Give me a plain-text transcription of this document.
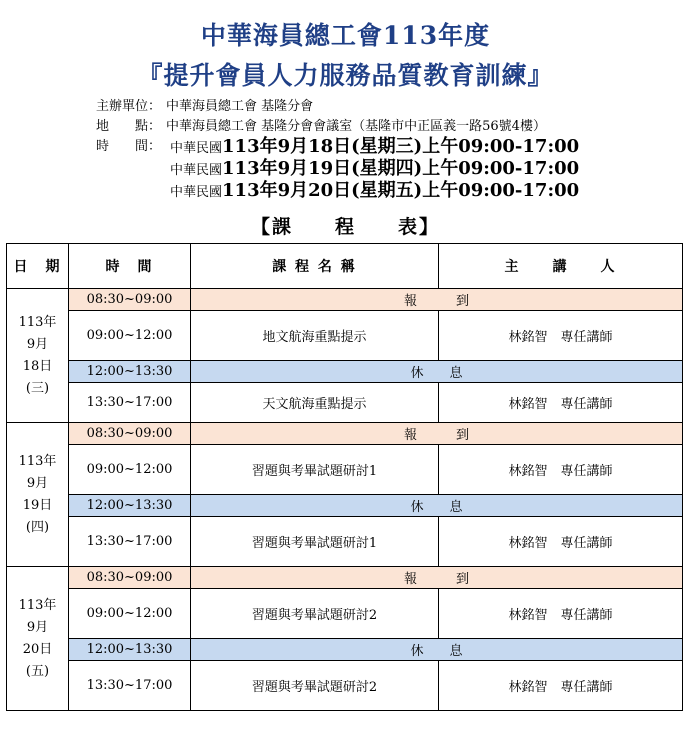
中華海員總工會113年度
『提升會員人力服務品質教育訓練』
主辦單位： 中華海員總工會 基隆分會
地　　點： 中華海員總工會 基隆分會會議室（基隆市中正區義一路56號4樓）
時　　間： 中華民國113年9月18日(星期三)上午09:00-17:00
中華民國113年9月19日(星期四)上午09:00-17:00
中華民國113年9月20日(星期五)上午09:00-17:00
【課　　程　　表】
日　期	時　間	課 程 名 稱	主　　講　　人

113年
9月
18日
(三)	08:30~09:00	報　　　到	
	09:00~12:00	地文航海重點提示	林銘智　專任講師
	12:00~13:30	休　　息	
	13:30~17:00	天文航海重點提示	林銘智　專任講師

113年
9月
19日
(四)	08:30~09:00	報　　　到	
	09:00~12:00	習題與考畢試題研討1	林銘智　專任講師
	12:00~13:30	休　　息	
	13:30~17:00	習題與考畢試題研討1	林銘智　專任講師

113年
9月
20日
(五)	08:30~09:00	報　　　到	
	09:00~12:00	習題與考畢試題研討2	林銘智　專任講師
	12:00~13:30	休　　息	
	13:30~17:00	習題與考畢試題研討2	林銘智　專任講師
